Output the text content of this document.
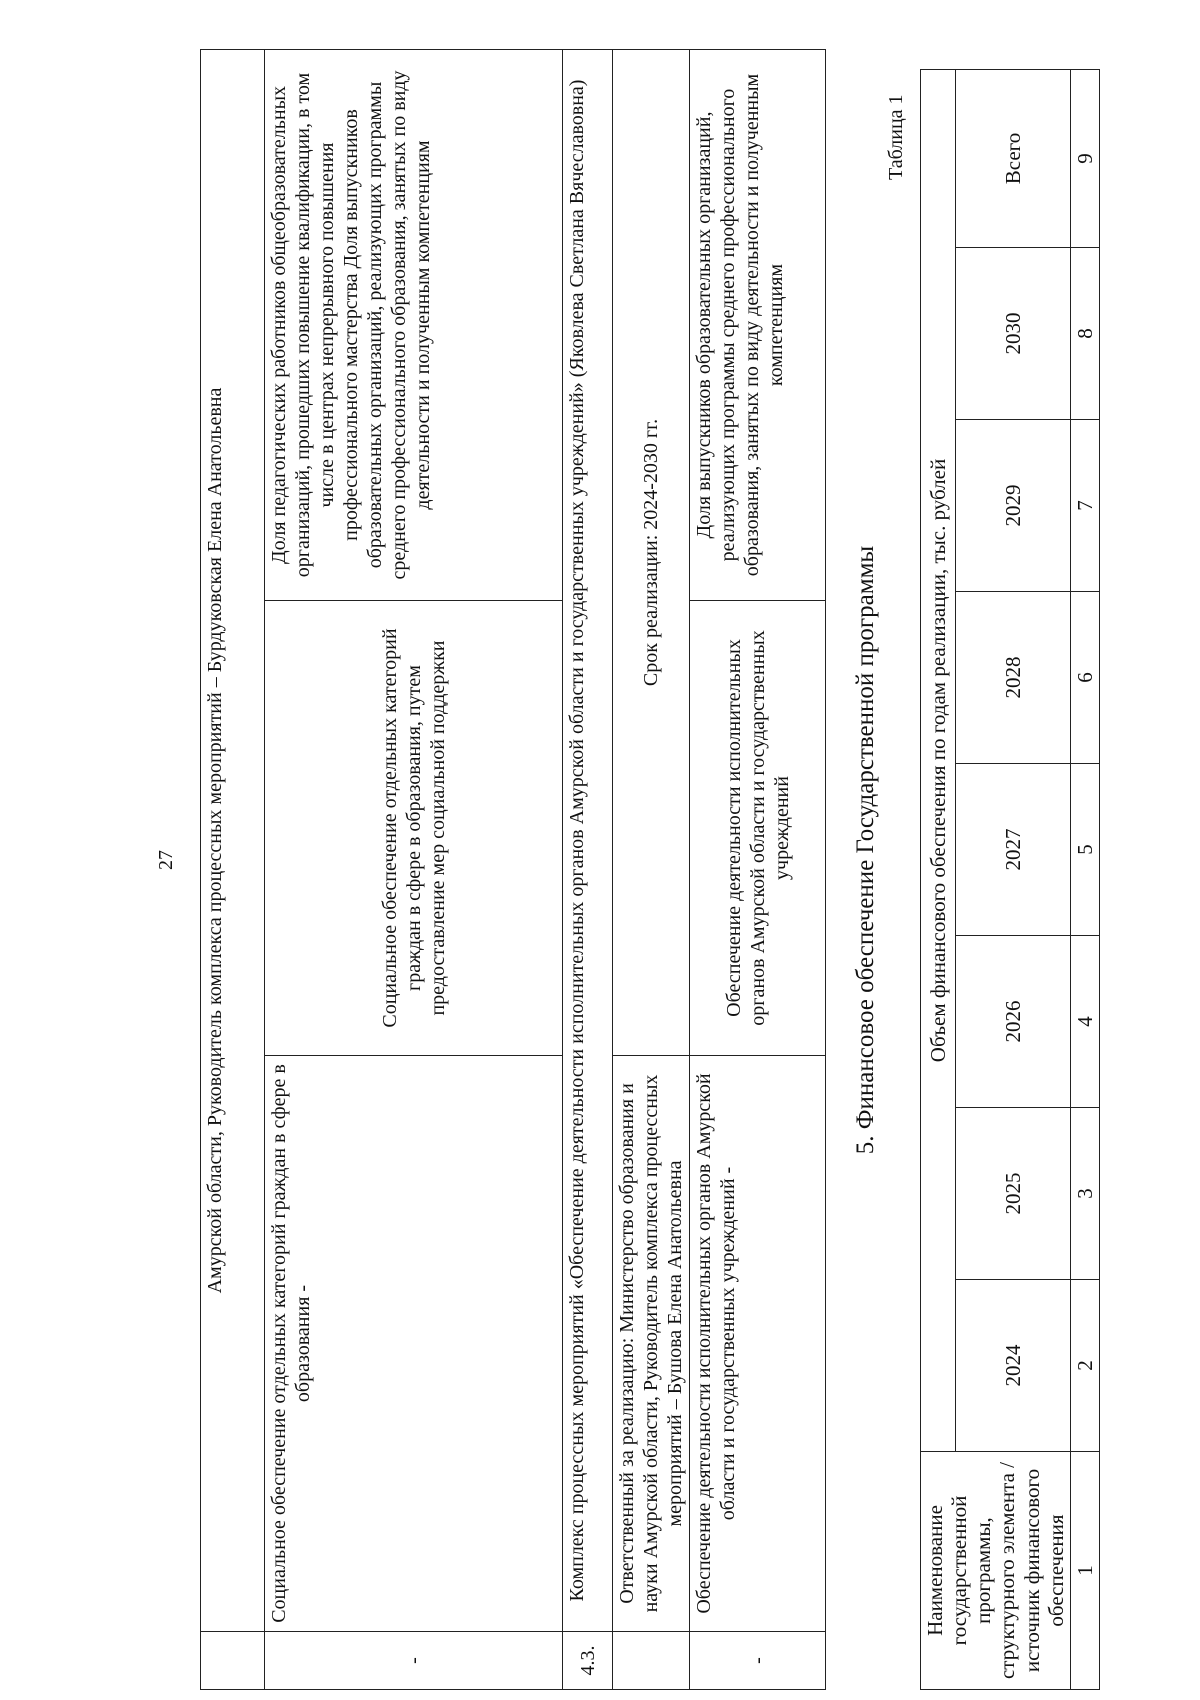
27
	Амурской области, Руководитель комплекса процессных мероприятий – Бурдуковская Елена Анатольевна		
-	Социальное обеспечение отдельных категорий граждан в сфере в образования -	Социальное обеспечение отдельных категорий граждан в сфере в образования, путем предоставление мер социальной поддержки	Доля педагогических работников общеобразовательных организаций, прошедших повышение квалификации, в том числе в центрах непрерывного повышения профессионального мастерства Доля выпускников образовательных организаций, реализующих программы среднего профессионального образования, занятых по виду деятельности и полученным компетенциям
4.3.	Комплекс процессных мероприятий «Обеспечение деятельности исполнительных органов Амурской области и государственных учреждений» (Яковлева Светлана Вячеславовна)		
	Ответственный за реализацию: Министерство образования и науки Амурской области, Руководитель комплекса процессных мероприятий – Бушова Елена Анатольевна	Срок реализации: 2024-2030 гг.	
-	Обеспечение деятельности исполнительных органов Амурской области и государственных учреждений -	Обеспечение деятельности исполнительных органов Амурской области и государственных учреждений	Доля выпускников образовательных организаций, реализующих программы среднего профессионального образования, занятых по виду деятельности и полученным компетенциям
5. Финансовое обеспечение Государственной программы
Таблица 1
Наименование государственной программы, структурного элемента / источник финансового обеспечения	Объем финансового обеспечения по годам реализации, тыс. рублей							
	2024	2025	2026	2027	2028	2029	2030	Всего
1	2	3	4	5	6	7	8	9
